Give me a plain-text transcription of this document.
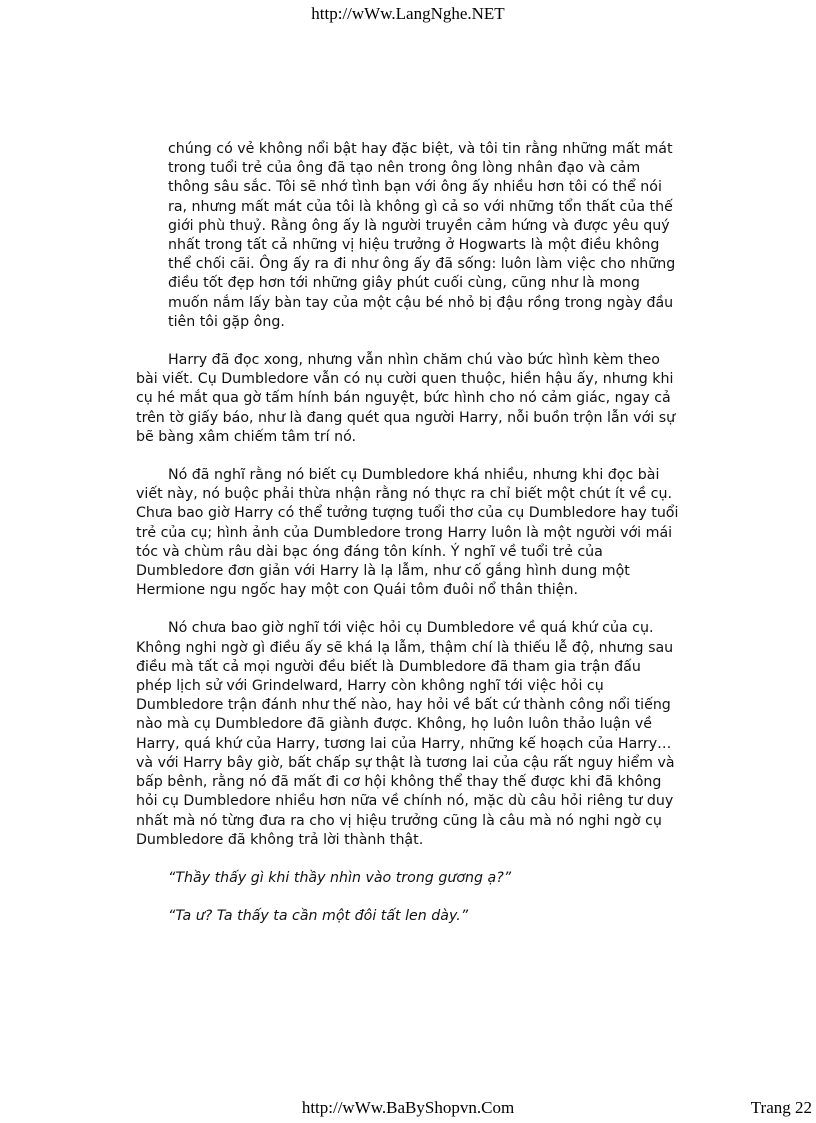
http://wWw.LangNghe.NET

chúng có vẻ không nổi bật hay đặc biệt, và tôi tin rằng những mất mát trong tuổi trẻ của ông đã tạo nên trong ông lòng nhân đạo và cảm thông sâu sắc. Tôi sẽ nhớ tình bạn với ông ấy nhiều hơn tôi có thể nói ra, nhưng mất mát của tôi là không gì cả so với những tổn thất của thế giới phù thuỷ. Rằng ông ấy là người truyền cảm hứng và được yêu quý nhất trong tất cả những vị hiệu trưởng ở Hogwarts là một điều không thể chối cãi. Ông ấy ra đi như ông ấy đã sống: luôn làm việc cho những điều tốt đẹp hơn tới những giây phút cuối cùng, cũng như là mong muốn nắm lấy bàn tay của một cậu bé nhỏ bị đậu rồng trong ngày đầu tiên tôi gặp ông.

Harry đã đọc xong, nhưng vẫn nhìn chăm chú vào bức hình kèm theo bài viết. Cụ Dumbledore vẫn có nụ cười quen thuộc, hiền hậu ấy, nhưng khi cụ hé mắt qua gờ tấm hính bán nguyệt, bức hình cho nó cảm giác, ngay cả trên tờ giấy báo, như là đang quét qua người Harry, nỗi buồn trộn lẫn với sự bẽ bàng xâm chiếm tâm trí nó.

Nó đã nghĩ rằng nó biết cụ Dumbledore khá nhiều, nhưng khi đọc bài viết này, nó buộc phải thừa nhận rằng nó thực ra chỉ biết một chút ít về cụ. Chưa bao giờ Harry có thể tưởng tượng tuổi thơ của cụ Dumbledore hay tuổi trẻ của cụ; hình ảnh của Dumbledore trong Harry luôn là một người với mái tóc và chùm râu dài bạc óng đáng tôn kính. Ý nghĩ về tuổi trẻ của Dumbledore đơn giản với Harry là lạ lẫm, như cố gắng hình dung một Hermione ngu ngốc hay một con Quái tôm đuôi nổ thân thiện.

Nó chưa bao giờ nghĩ tới việc hỏi cụ Dumbledore về quá khứ của cụ. Không nghi ngờ gì điều ấy sẽ khá lạ lẫm, thậm chí là thiếu lễ độ, nhưng sau điều mà tất cả mọi người đều biết là Dumbledore đã tham gia trận đấu phép lịch sử với Grindelward, Harry còn không nghĩ tới việc hỏi cụ Dumbledore trận đánh như thế nào, hay hỏi về bất cứ thành công nổi tiếng nào mà cụ Dumbledore đã giành được. Không, họ luôn luôn thảo luận về Harry, quá khứ của Harry, tương lai của Harry, những kế hoạch của Harry… và với Harry bây giờ, bất chấp sự thật là tương lai của cậu rất nguy hiểm và bấp bênh, rằng nó đã mất đi cơ hội không thể thay thế được khi đã không hỏi cụ Dumbledore nhiều hơn nữa về chính nó, mặc dù câu hỏi riêng tư duy nhất mà nó từng đưa ra cho vị hiệu trưởng cũng là câu mà nó nghi ngờ cụ Dumbledore đã không trả lời thành thật.

“Thầy thấy gì khi thầy nhìn vào trong gương ạ?”

“Ta ư? Ta thấy ta cần một đôi tất len dày.”

http://wWw.BaByShopvn.Com	Trang 22
